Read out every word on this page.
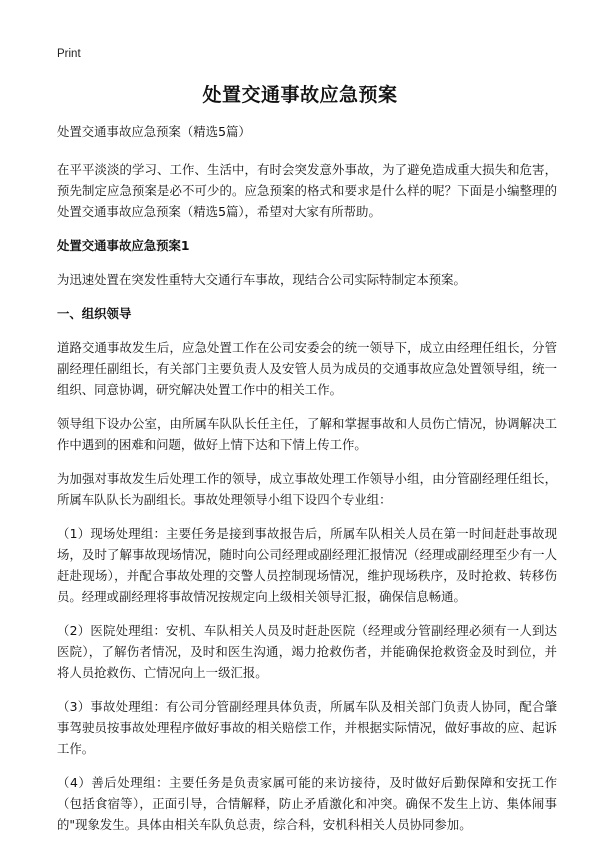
Print
处置交通事故应急预案

处置交通事故应急预案（精选5篇）

在平平淡淡的学习、工作、生活中，有时会突发意外事故，为了避免造成重大损失和危害，预先制定应急预案是必不可少的。应急预案的格式和要求是什么样的呢？下面是小编整理的处置交通事故应急预案（精选5篇），希望对大家有所帮助。

处置交通事故应急预案1

为迅速处置在突发性重特大交通行车事故，现结合公司实际特制定本预案。

一、组织领导

道路交通事故发生后，应急处置工作在公司安委会的统一领导下，成立由经理任组长，分管副经理任副组长，有关部门主要负责人及安管人员为成员的交通事故应急处置领导组，统一组织、同意协调，研究解决处置工作中的相关工作。

领导组下设办公室，由所属车队队长任主任，了解和掌握事故和人员伤亡情况，协调解决工作中遇到的困难和问题，做好上情下达和下情上传工作。

为加强对事故发生后处理工作的领导，成立事故处理工作领导小组，由分管副经理任组长，所属车队队长为副组长。事故处理领导小组下设四个专业组：

（1）现场处理组：主要任务是接到事故报告后，所属车队相关人员在第一时间赶赴事故现场，及时了解事故现场情况，随时向公司经理或副经理汇报情况（经理或副经理至少有一人赶赴现场），并配合事故处理的交警人员控制现场情况，维护现场秩序，及时抢救、转移伤员。经理或副经理将事故情况按规定向上级相关领导汇报，确保信息畅通。

（2）医院处理组：安机、车队相关人员及时赶赴医院（经理或分管副经理必须有一人到达医院），了解伤者情况，及时和医生沟通，竭力抢救伤者，并能确保抢救资金及时到位，并将人员抢救伤、亡情况向上一级汇报。

（3）事故处理组：有公司分管副经理具体负责，所属车队及相关部门负责人协同，配合肇事驾驶员按事故处理程序做好事故的相关赔偿工作，并根据实际情况，做好事故的应、起诉工作。

（4）善后处理组：主要任务是负责家属可能的来访接待，及时做好后勤保障和安抚工作（包括食宿等），正面引导，合情解释，防止矛盾激化和冲突。确保不发生上访、集体闹事的"现象发生。具体由相关车队负总责，综合科，安机科相关人员协同参加。
